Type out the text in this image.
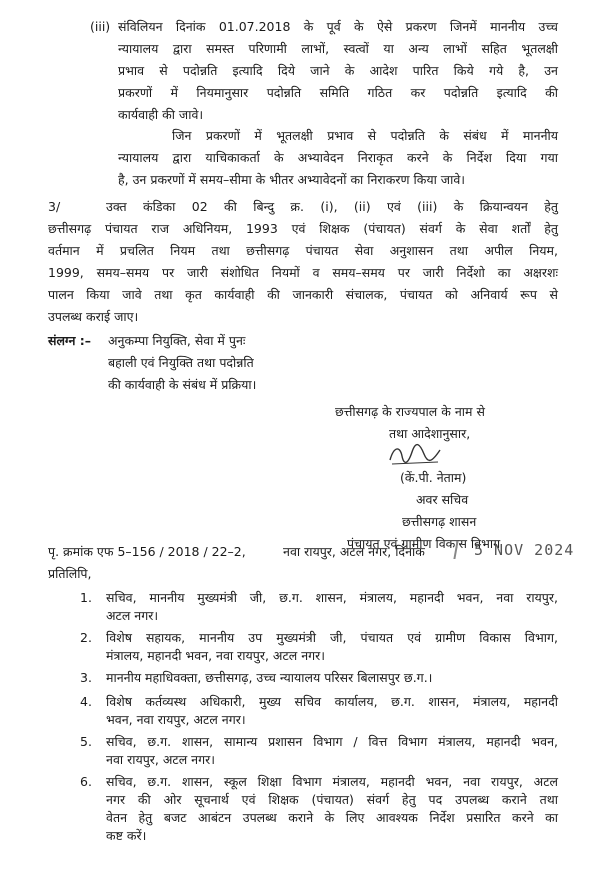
(iii) संविलियन दिनांक 01.07.2018 के पूर्व के ऐसे प्रकरण जिनमें माननीय उच्च
न्यायालय द्वारा समस्त परिणामी लाभों, स्वत्वों या अन्य लाभों सहित भूतलक्षी
प्रभाव से पदोन्नति इत्यादि दिये जाने के आदेश पारित किये गये है, उन
प्रकरणों में नियमानुसार पदोन्नति समिति गठित कर पदोन्नति इत्यादि की
कार्यवाही की जावे।
जिन प्रकरणों में भूतलक्षी प्रभाव से पदोन्नति के संबंध में माननीय
न्यायालय द्वारा याचिकाकर्ता के अभ्यावेदन निराकृत करने के निर्देश दिया गया
है, उन प्रकरणों में समय–सीमा के भीतर अभ्यावेदनों का निराकरण किया जावे।
3/	उक्त कंडिका 02 की बिन्दु क्र. (i), (ii) एवं (iii) के क्रियान्वयन हेतु
छत्तीसगढ़ पंचायत राज अधिनियम, 1993 एवं शिक्षक (पंचायत) संवर्ग के सेवा शर्तों हेतु
वर्तमान में प्रचलित नियम तथा छत्तीसगढ़ पंचायत सेवा अनुशासन तथा अपील नियम,
1999, समय–समय पर जारी संशोधित नियमों व समय–समय पर जारी निर्देशो का अक्षरशः
पालन किया जावे तथा कृत कार्यवाही की जानकारी संचालक, पंचायत को अनिवार्य रूप से
उपलब्ध कराई जाए।
संलग्न :– अनुकम्पा नियुक्ति, सेवा में पुनः
बहाली एवं नियुक्ति तथा पदोन्नति
की कार्यवाही के संबंध में प्रक्रिया।
छत्तीसगढ़ के राज्यपाल के नाम से
तथा आदेशानुसार,
(कें.पी. नेताम)
अवर सचिव
छत्तीसगढ़ शासन
पंचायत एवं ग्रामीण विकास विभाग
पृ. क्रमांक एफ 5–156 / 2018 / 22–2,	नवा रायपुर, अटल नगर, दिनांक	5 NOV 2024
प्रतिलिपि,
1. सचिव, माननीय मुख्यमंत्री जी, छ.ग. शासन, मंत्रालय, महानदी भवन, नवा रायपुर,
अटल नगर।
2. विशेष सहायक, माननीय उप मुख्यमंत्री जी, पंचायत एवं ग्रामीण विकास विभाग,
मंत्रालय, महानदी भवन, नवा रायपुर, अटल नगर।
3. माननीय महाधिवक्ता, छत्तीसगढ़, उच्च न्यायालय परिसर बिलासपुर छ.ग.।
4. विशेष कर्तव्यस्थ अधिकारी, मुख्य सचिव कार्यालय, छ.ग. शासन, मंत्रालय, महानदी
भवन, नवा रायपुर, अटल नगर।
5. सचिव, छ.ग. शासन, सामान्य प्रशासन विभाग / वित्त विभाग मंत्रालय, महानदी भवन,
नवा रायपुर, अटल नगर।
6. सचिव, छ.ग. शासन, स्कूल शिक्षा विभाग मंत्रालय, महानदी भवन, नवा रायपुर, अटल
नगर की ओर सूचनार्थ एवं शिक्षक (पंचायत) संवर्ग हेतु पद उपलब्ध कराने तथा
वेतन हेतु बजट आबंटन उपलब्ध कराने के लिए आवश्यक निर्देश प्रसारित करने का
कष्ट करें।
